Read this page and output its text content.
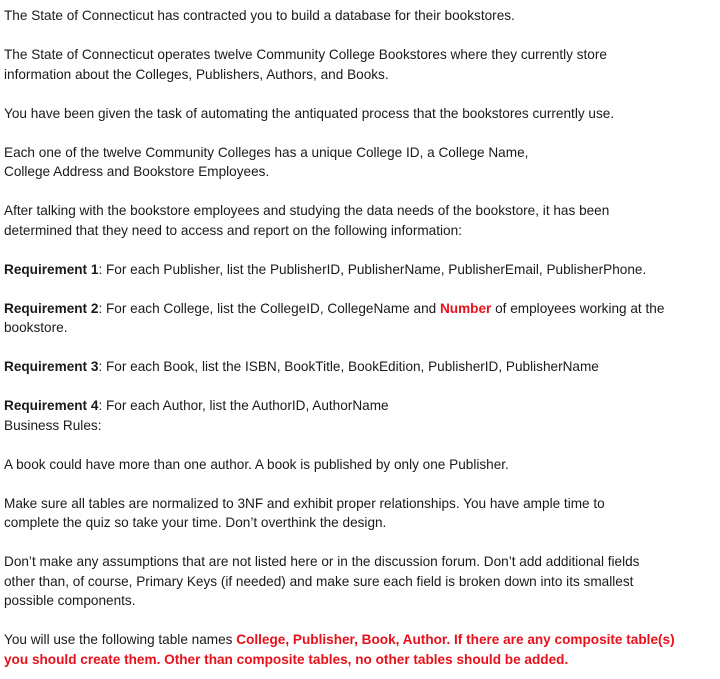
The State of Connecticut has contracted you to build a database for their bookstores.

The State of Connecticut operates twelve Community College Bookstores where they currently store
information about the Colleges, Publishers, Authors, and Books.

You have been given the task of automating the antiquated process that the bookstores currently use.

Each one of the twelve Community Colleges has a unique College ID, a College Name,
College Address and Bookstore Employees.

After talking with the bookstore employees and studying the data needs of the bookstore, it has been
determined that they need to access and report on the following information:

Requirement 1: For each Publisher, list the PublisherID, PublisherName, PublisherEmail, PublisherPhone.

Requirement 2: For each College, list the CollegeID, CollegeName and Number of employees working at the
bookstore.

Requirement 3: For each Book, list the ISBN, BookTitle, BookEdition, PublisherID, PublisherName

Requirement 4: For each Author, list the AuthorID, AuthorName
Business Rules:

A book could have more than one author. A book is published by only one Publisher.

Make sure all tables are normalized to 3NF and exhibit proper relationships. You have ample time to
complete the quiz so take your time. Don’t overthink the design.

Don’t make any assumptions that are not listed here or in the discussion forum. Don’t add additional fields
other than, of course, Primary Keys (if needed) and make sure each field is broken down into its smallest
possible components.

You will use the following table names College, Publisher, Book, Author. If there are any composite table(s)
you should create them. Other than composite tables, no other tables should be added.
